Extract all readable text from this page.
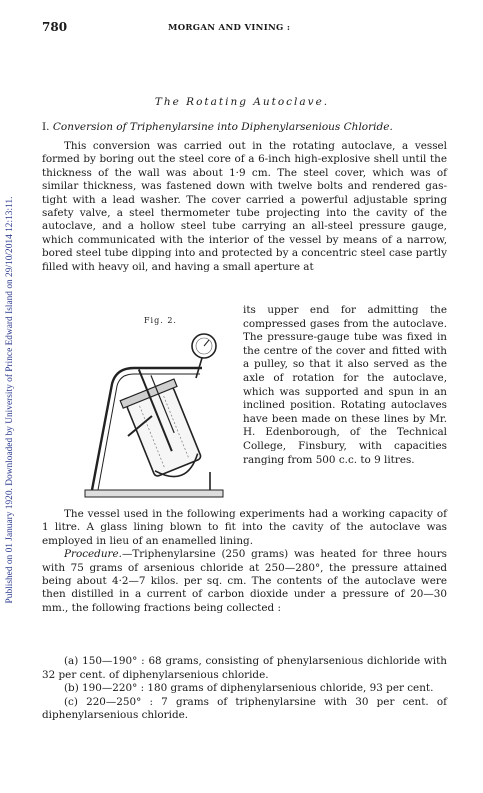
Published on 01 January 1920. Downloaded by University of Prince Edward Island on 29/10/2014 12:13:11.
780	MORGAN AND VINING :
The Rotating Autoclave.
I. Conversion of Triphenylarsine into Diphenylarsenious Chloride.

This conversion was carried out in the rotating autoclave, a vessel formed by boring out the steel core of a 6-inch high-explosive shell until the thickness of the wall was about 1·9 cm. The steel cover, which was of similar thickness, was fastened down with twelve bolts and rendered gas-tight with a lead washer. The cover carried a powerful adjustable spring safety valve, a steel thermometer tube projecting into the cavity of the autoclave, and a hollow steel tube carrying an all-steel pressure gauge, which communicated with the interior of the vessel by means of a narrow, bored steel tube dipping into and protected by a concentric steel case partly filled with heavy oil, and having a small aperture at

Fig. 2.

its upper end for admitting the compressed gases from the autoclave. The pressure-gauge tube was fixed in the centre of the cover and fitted with a pulley, so that it also served as the axle of rotation for the autoclave, which was supported and spun in an inclined position. Rotating autoclaves have been made on these lines by Mr. H. Edenborough, of the Technical College, Finsbury, with capacities ranging from 500 c.c. to 9 litres.

The vessel used in the following experiments had a working capacity of 1 litre. A glass lining blown to fit into the cavity of the autoclave was employed in lieu of an enamelled lining.

Procedure.—Triphenylarsine (250 grams) was heated for three hours with 75 grams of arsenious chloride at 250—280°, the pressure attained being about 4·2—7 kilos. per sq. cm. The contents of the autoclave were then distilled in a current of carbon dioxide under a pressure of 20—30 mm., the following fractions being collected :

(a) 150—190° : 68 grams, consisting of phenylarsenious dichloride with 32 per cent. of diphenylarsenious chloride.

(b) 190—220° : 180 grams of diphenylarsenious chloride, 93 per cent.

(c) 220—250° : 7 grams of triphenylarsine with 30 per cent. of diphenylarsenious chloride.
